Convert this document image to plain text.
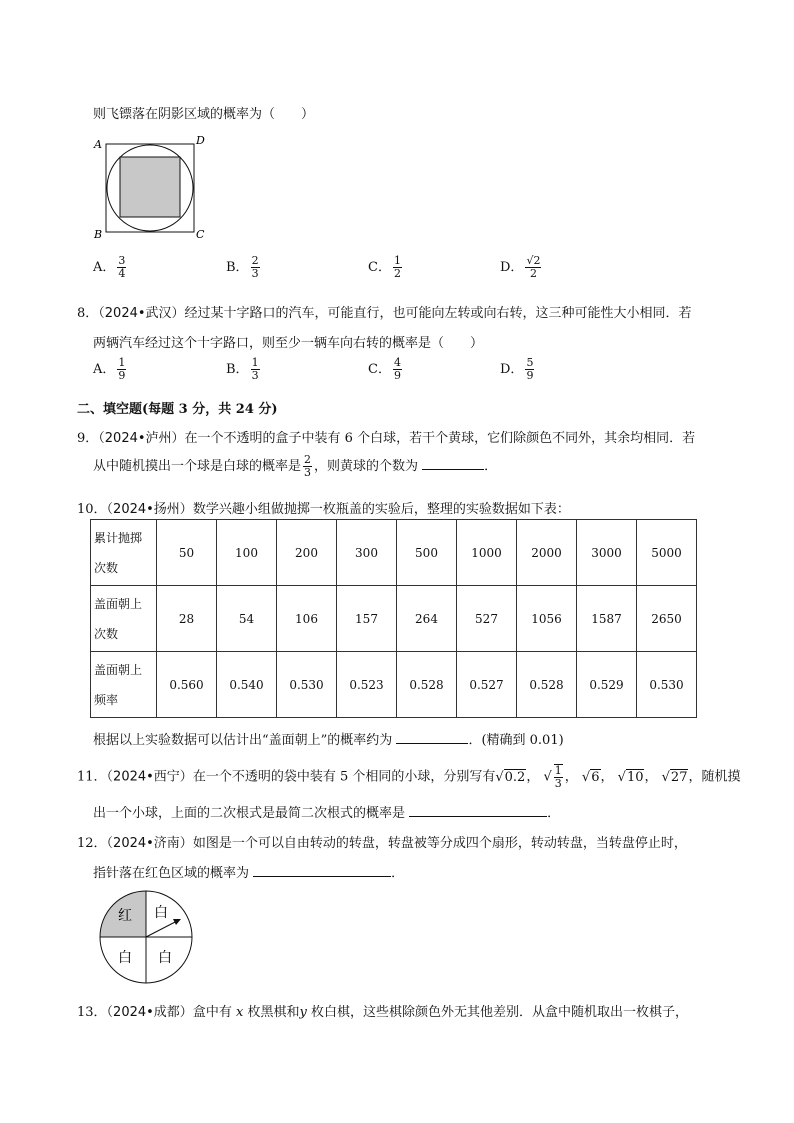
则飞镖落在阴影区域的概率为（　　）
A	D
B	C
A． $\frac{3}{4}$	B． $\frac{2}{3}$	C． $\frac{1}{2}$	D． $\frac{√2}{2}$
8．（2024•武汉）经过某十字路口的汽车，可能直行，也可能向左转或向右转，这三种可能性大小相同．若
两辆汽车经过这个十字路口，则至少一辆车向右转的概率是（　　）
A． $\frac{1}{9}$	B． $\frac{1}{3}$	C． $\frac{4}{9}$	D． $\frac{5}{9}$
二、填空题(每题 3 分，共 24 分)
9．（2024•泸州）在一个不透明的盒子中装有 6 个白球，若干个黄球，它们除颜色不同外，其余均相同．若
从中随机摸出一个球是白球的概率是 $\frac{2}{3}$ ，则黄球的个数为	．
10．（2024•扬州）数学兴趣小组做抛掷一枚瓶盖的实验后，整理的实验数据如下表：
累计抛掷
次数	50	100	200	300	500	1000	2000	3000	5000
盖面朝上
次数	28	54	106	157	264	527	1056	1587	2650
盖面朝上
频率	0.560	0.540	0.530	0.523	0.528	0.527	0.528	0.529	0.530
根据以上实验数据可以估计出“盖面朝上”的概率约为	．(精确到 0.01)
11．（2024•西宁）在一个不透明的袋中装有 5 个相同的小球，分别写有√0.2， √ $\frac{1}{3}$ ， √6， √10， √27，随机摸
出一个小球，上面的二次根式是最简二次根式的概率是	．
12．（2024•济南）如图是一个可以自由转动的转盘，转盘被等分成四个扇形，转动转盘，当转盘停止时，
指针落在红色区域的概率为	．
红 白
白 白
13．（2024•成都）盒中有 x 枚黑棋和y 枚白棋，这些棋除颜色外无其他差别．从盒中随机取出一枚棋子，
